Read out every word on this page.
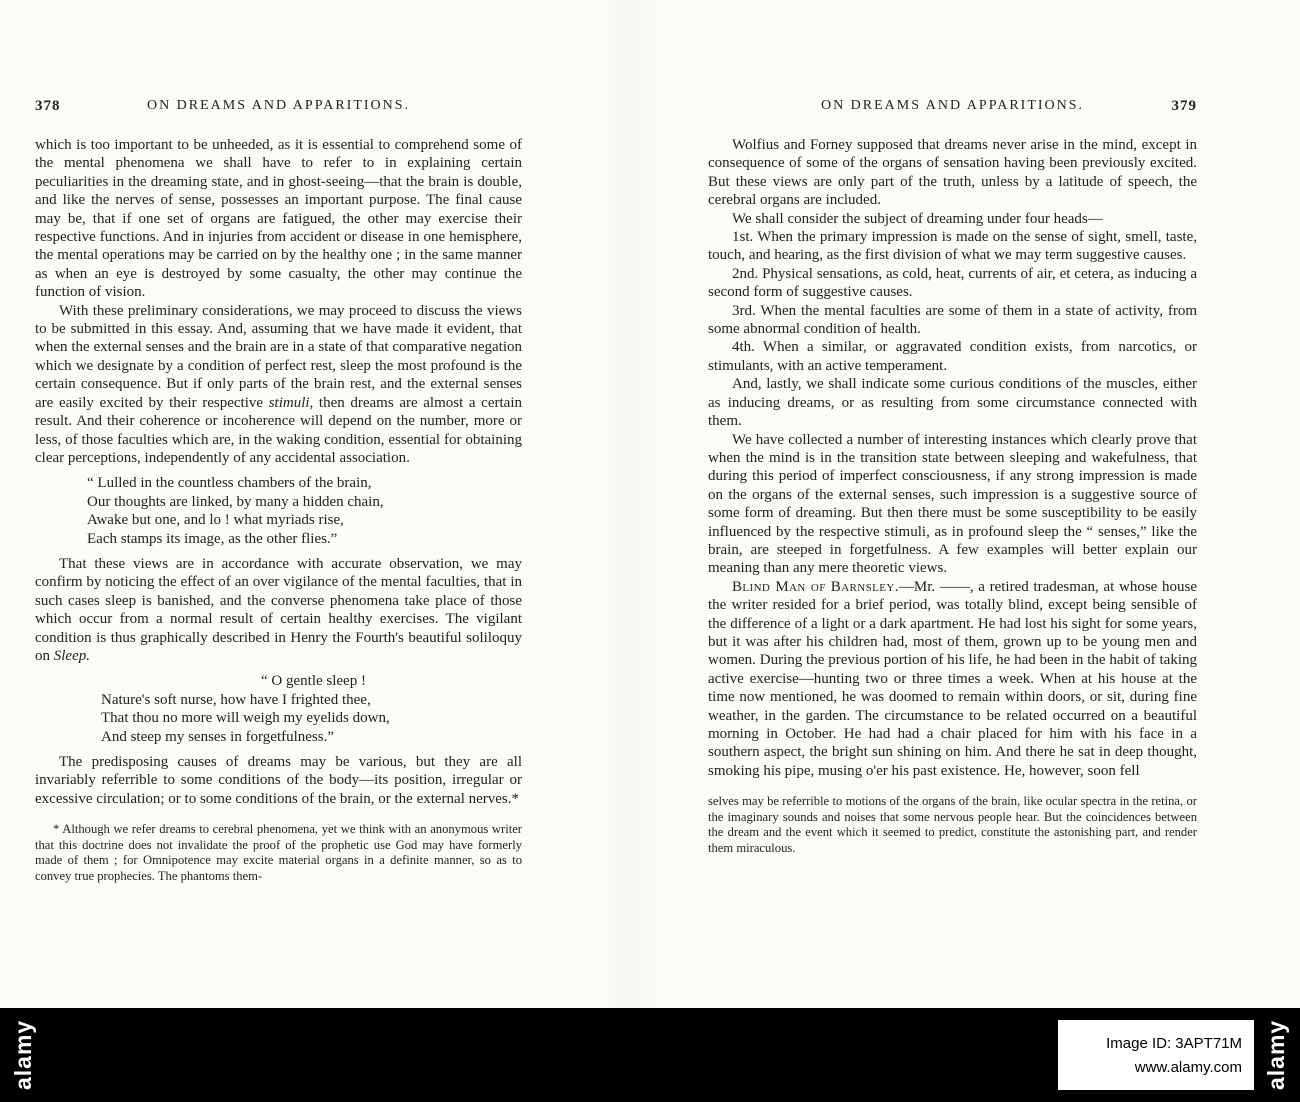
378	ON DREAMS AND APPARITIONS.

which is too important to be unheeded, as it is essential to comprehend some of the mental phenomena we shall have to refer to in explaining certain peculiarities in the dreaming state, and in ghost-seeing—that the brain is double, and like the nerves of sense, possesses an important purpose. The final cause may be, that if one set of organs are fatigued, the other may exercise their respective functions. And in injuries from accident or disease in one hemisphere, the mental operations may be carried on by the healthy one ; in the same manner as when an eye is destroyed by some casualty, the other may continue the function of vision.

With these preliminary considerations, we may proceed to discuss the views to be submitted in this essay. And, assuming that we have made it evident, that when the external senses and the brain are in a state of that comparative negation which we designate by a condition of perfect rest, sleep the most profound is the certain consequence. But if only parts of the brain rest, and the external senses are easily excited by their respective stimuli, then dreams are almost a certain result. And their coherence or incoherence will depend on the number, more or less, of those faculties which are, in the waking condition, essential for obtaining clear perceptions, independently of any accidental association.

“ Lulled in the countless chambers of the brain,
Our thoughts are linked, by many a hidden chain,
Awake but one, and lo ! what myriads rise,
Each stamps its image, as the other flies.”

That these views are in accordance with accurate observation, we may confirm by noticing the effect of an over vigilance of the mental faculties, that in such cases sleep is banished, and the converse phenomena take place of those which occur from a normal result of certain healthy exercises. The vigilant condition is thus graphically described in Henry the Fourth's beautiful soliloquy on Sleep.

“ O gentle sleep !
Nature's soft nurse, how have I frighted thee,
That thou no more will weigh my eyelids down,
And steep my senses in forgetfulness.”

The predisposing causes of dreams may be various, but they are all invariably referrible to some conditions of the body—its position, irregular or excessive circulation; or to some conditions of the brain, or the external nerves.*

* Although we refer dreams to cerebral phenomena, yet we think with an anonymous writer that this doctrine does not invalidate the proof of the prophetic use God may have formerly made of them ; for Omnipotence may excite material organs in a definite manner, so as to convey true prophecies. The phantoms them-
ON DREAMS AND APPARITIONS.	379

Wolfius and Forney supposed that dreams never arise in the mind, except in consequence of some of the organs of sensation having been previously excited. But these views are only part of the truth, unless by a latitude of speech, the cerebral organs are included.

We shall consider the subject of dreaming under four heads—

1st. When the primary impression is made on the sense of sight, smell, taste, touch, and hearing, as the first division of what we may term suggestive causes.

2nd. Physical sensations, as cold, heat, currents of air, et cetera, as inducing a second form of suggestive causes.

3rd. When the mental faculties are some of them in a state of activity, from some abnormal condition of health.

4th. When a similar, or aggravated condition exists, from narcotics, or stimulants, with an active temperament.

And, lastly, we shall indicate some curious conditions of the muscles, either as inducing dreams, or as resulting from some circumstance connected with them.

We have collected a number of interesting instances which clearly prove that when the mind is in the transition state between sleeping and wakefulness, that during this period of imperfect consciousness, if any strong impression is made on the organs of the external senses, such impression is a suggestive source of some form of dreaming. But then there must be some susceptibility to be easily influenced by the respective stimuli, as in profound sleep the “ senses,” like the brain, are steeped in forgetfulness. A few examples will better explain our meaning than any mere theoretic views.

Blind Man of Barnsley.—Mr. ——, a retired tradesman, at whose house the writer resided for a brief period, was totally blind, except being sensible of the difference of a light or a dark apartment. He had lost his sight for some years, but it was after his children had, most of them, grown up to be young men and women. During the previous portion of his life, he had been in the habit of taking active exercise—hunting two or three times a week. When at his house at the time now mentioned, he was doomed to remain within doors, or sit, during fine weather, in the garden. The circumstance to be related occurred on a beautiful morning in October. He had had a chair placed for him with his face in a southern aspect, the bright sun shining on him. And there he sat in deep thought, smoking his pipe, musing o'er his past existence. He, however, soon fell

selves may be referrible to motions of the organs of the brain, like ocular spectra in the retina, or the imaginary sounds and noises that some nervous people hear. But the coincidences between the dream and the event which it seemed to predict, constitute the astonishing part, and render them miraculous.
alamy	Image ID: 3APT71M
www.alamy.com alamy
